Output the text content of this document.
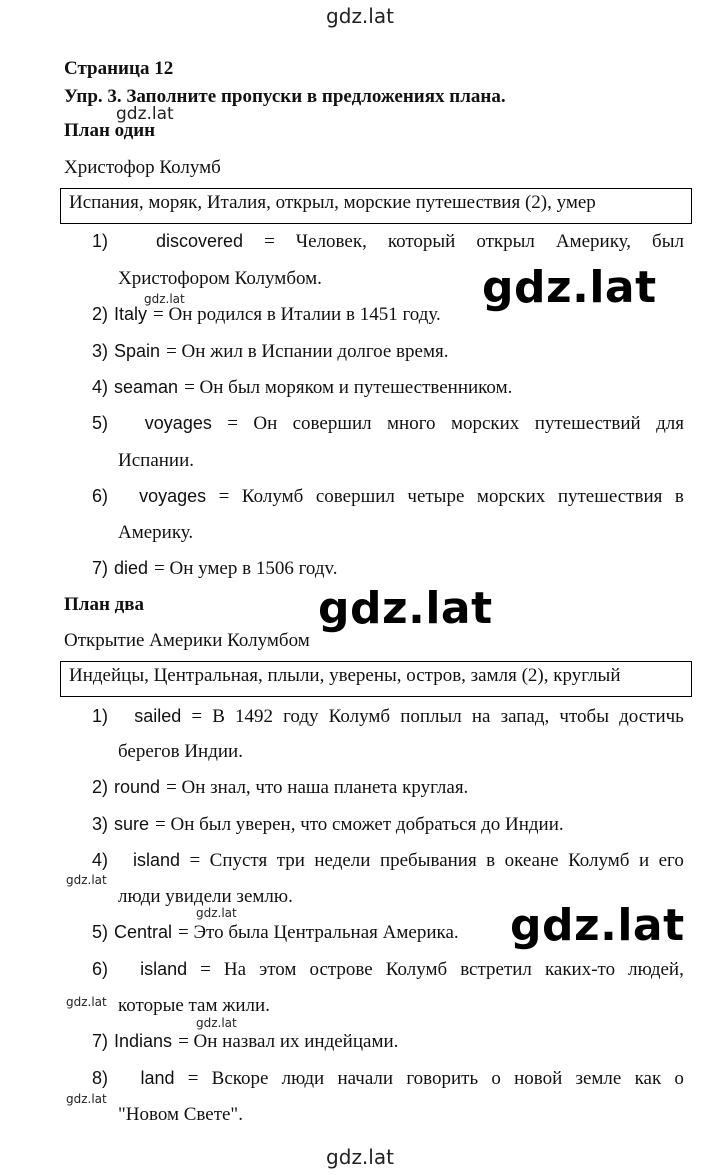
gdz.lat
gdz.lat
gdz.lat
gdz.lat
gdz.lat
gdz.lat
gdz.lat	gdz.lat
gdz.lat
gdz.lat
gdz.lat
gdz.lat
Страница 12
Упр. 3. Заполните пропуски в предложениях плана.
План один
Христофор Колумб
Испания, моряк, Италия, открыл, морские путешествия (2), умер
1)	discovered = Человек, который открыл Америку, был
Христофором Колумбом.
2) Italy = Он родился в Италии в 1451 году.
3) Spain = Он жил в Испании долгое время.
4) seaman = Он был моряком и путешественником.
5) voyages = Он совершил много морских путешествий для
Испании.
6) voyages = Колумб совершил четыре морских путешествия в
Америку.
7) died = Он умер в 1506 годv.
План два
Открытие Америки Колумбом
Индейцы, Центральная, плыли, уверены, остров, замля (2), круглый
1) sailed = В 1492 году Колумб поплыл на запад, чтобы достичь
берегов Индии.
2) round = Он знал, что наша планета круглая.
3) sure = Он был уверен, что сможет добраться до Индии.
4) island = Спустя три недели пребывания в океане Колумб и его
люди увидели землю.
5) Central = Это была Центральная Америка.
6) island = На этом острове Колумб встретил каких-то людей,
которые там жили.
7) Indians = Он назвал их индейцами.
8) land = Вскоре люди начали говорить о новой земле как о
"Новом Свете".
